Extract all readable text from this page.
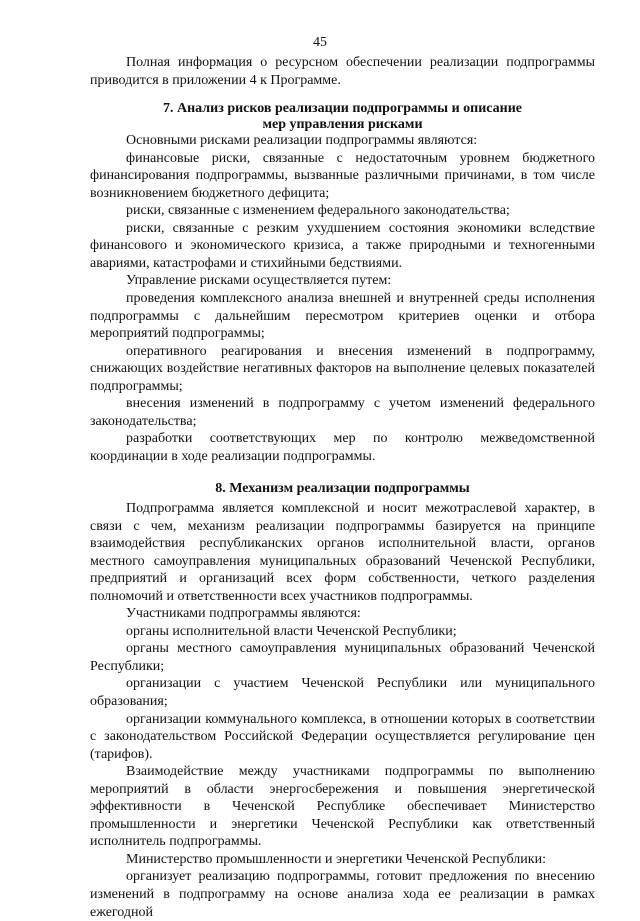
45

Полная информация о ресурсном обеспечении реализации подпрограммы приводится в приложении 4 к Программе.

7. Анализ рисков реализации подпрограммы и описание
мер управления рисками

Основными рисками реализации подпрограммы являются:

финансовые риски, связанные с недостаточным уровнем бюджетного финансирования подпрограммы, вызванные различными причинами, в том числе возникновением бюджетного дефицита;

риски, связанные с изменением федерального законодательства;

риски, связанные с резким ухудшением состояния экономики вследствие финансового и экономического кризиса, а также природными и техногенными авариями, катастрофами и стихийными бедствиями.

Управление рисками осуществляется путем:

проведения комплексного анализа внешней и внутренней среды исполнения подпрограммы с дальнейшим пересмотром критериев оценки и отбора мероприятий подпрограммы;

оперативного реагирования и внесения изменений в подпрограмму, снижающих воздействие негативных факторов на выполнение целевых показателей подпрограммы;

внесения изменений в подпрограмму с учетом изменений федерального законодательства;

разработки соответствующих мер по контролю межведомственной координации в ходе реализации подпрограммы.

8. Механизм реализации подпрограммы

Подпрограмма является комплексной и носит межотраслевой характер, в связи с чем, механизм реализации подпрограммы базируется на принципе взаимодействия республиканских органов исполнительной власти, органов местного самоуправления муниципальных образований Чеченской Республики, предприятий и организаций всех форм собственности, четкого разделения полномочий и ответственности всех участников подпрограммы.

Участниками подпрограммы являются:

органы исполнительной власти Чеченской Республики;

органы местного самоуправления муниципальных образований Чеченской Республики;

организации с участием Чеченской Республики или муниципального образования;

организации коммунального комплекса, в отношении которых в соответствии с законодательством Российской Федерации осуществляется регулирование цен (тарифов).

Взаимодействие между участниками подпрограммы по выполнению мероприятий в области энергосбережения и повышения энергетической эффективности в Чеченской Республике обеспечивает Министерство промышленности и энергетики Чеченской Республики как ответственный исполнитель подпрограммы.

Министерство промышленности и энергетики Чеченской Республики:

организует реализацию подпрограммы, готовит предложения по внесению изменений в подпрограмму на основе анализа хода ее реализации в рамках ежегодной
